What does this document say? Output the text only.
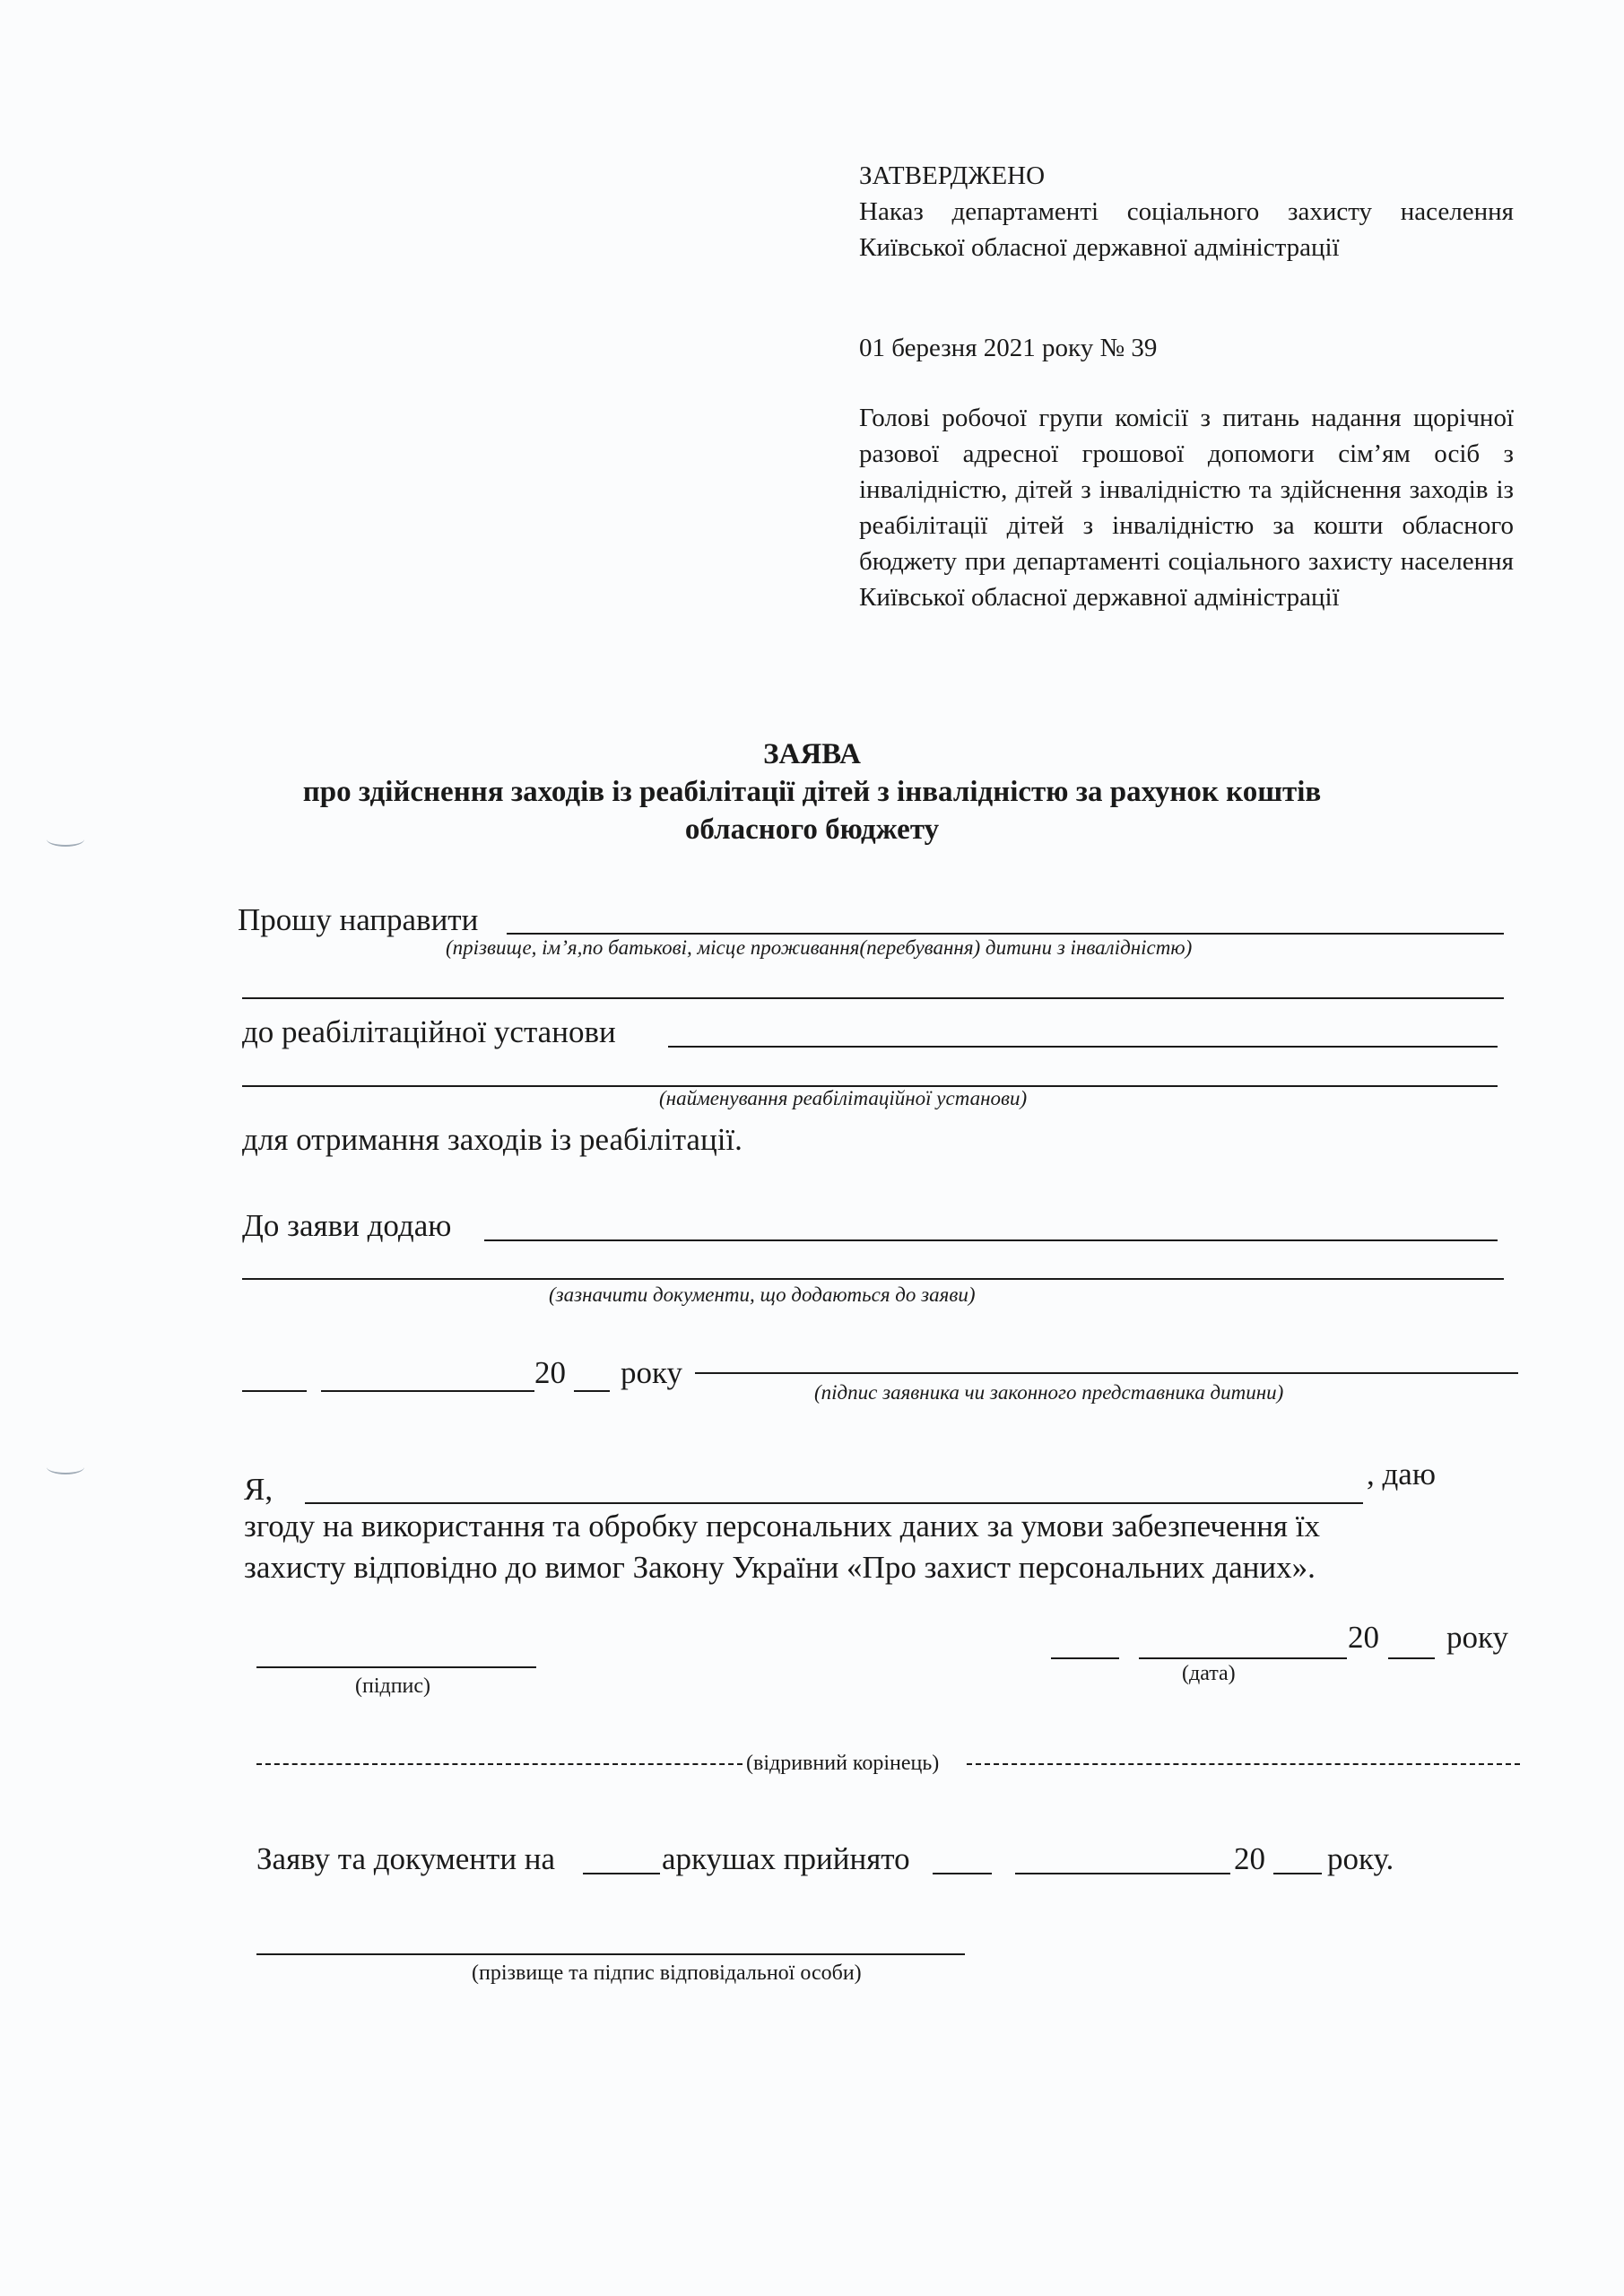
ЗАТВЕРДЖЕНО

Наказ департаменті соціального захисту населення Київської обласної державної адміністрації

01 березня 2021 року № 39

Голові робочої групи комісії з питань надання щорічної разової адресної грошової допомоги сім’ям осіб з інвалідністю, дітей з інвалідністю та здійснення заходів із реабілітації дітей з інвалідністю за кошти обласного бюджету при департаменті соціального захисту населення Київської обласної державної адміністрації

ЗАЯВА
про здійснення заходів із реабілітації дітей з інвалідністю за рахунок коштів
обласного бюджету
Прошу направити
(прізвище, ім’я,по батькові, місце проживання(перебування) дитини з інвалідністю)
до реабілітаційної установи
(найменування реабілітаційної установи)
для отримання заходів із реабілітації.
До заяви додаю
(зазначити документи, що додаються до заяви)
20 року
(підпис заявника чи законного представника дитини)
Я,	, даю

згоду на використання та обробку персональних даних за умови забезпечення їх

захисту відповідно до вимог Закону України «Про захист персональних даних».

(підпис)
20 року
(дата)
(відривний корінець)
Заяву та документи на	аркушах прийнято	20 року.
(прізвище та підпис відповідальної особи)
